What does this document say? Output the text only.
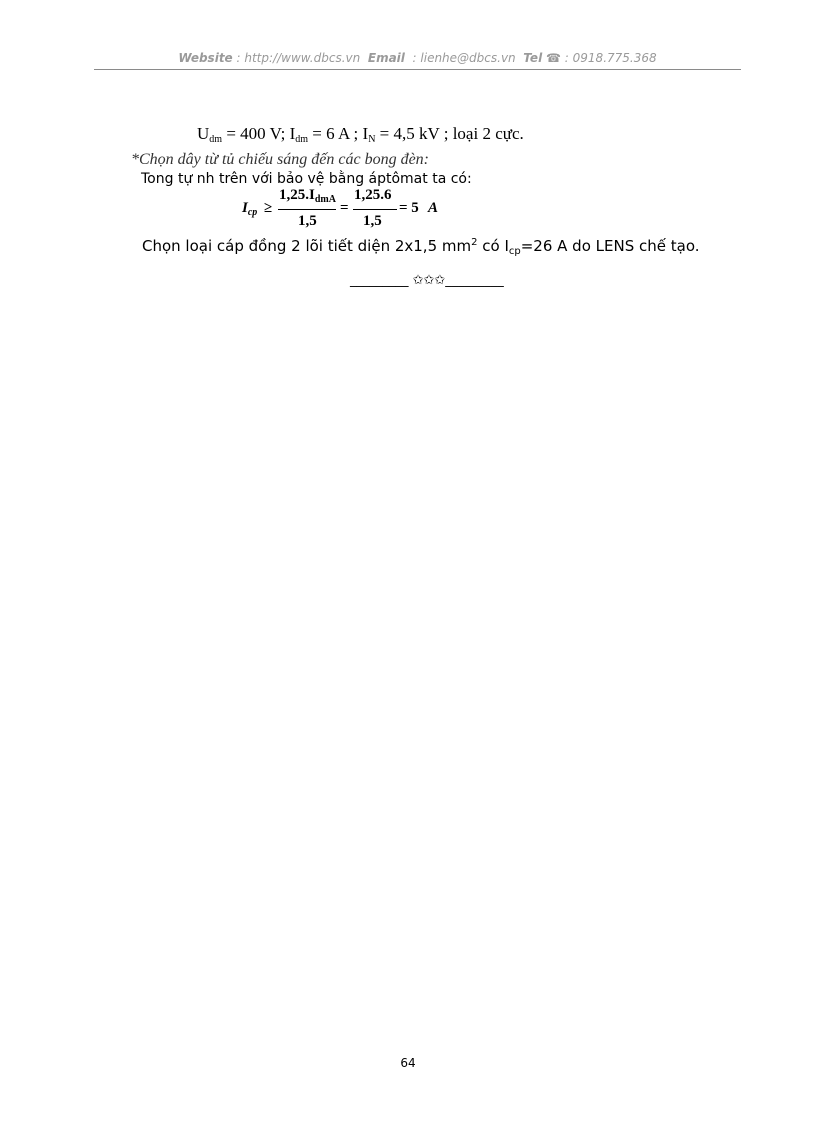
Website : http://www.dbcs.vn Email : lienhe@dbcs.vn Tel ☎ : 0918.775.368
$U_{dm} = 400$ V; $I_{dm} = 6$ A ; $I_N = 4,5$ kV ; loại 2 cực.
*Chọn dây từ tủ chiếu sáng đến các bong đèn:
Tong tự nh trên với bảo vệ bằng áptômat ta có:
$I_{cp}$ ≥
$1,25.I_{dmA}$
1,5
=
1,25.6
1,5
= 5 A
Chọn loại cáp đồng 2 lõi tiết diện 2x1,5 $mm^2$ có $I_{cp}=26$ A do LENS chế tạo.
_________ ✩✩✩_________
64
